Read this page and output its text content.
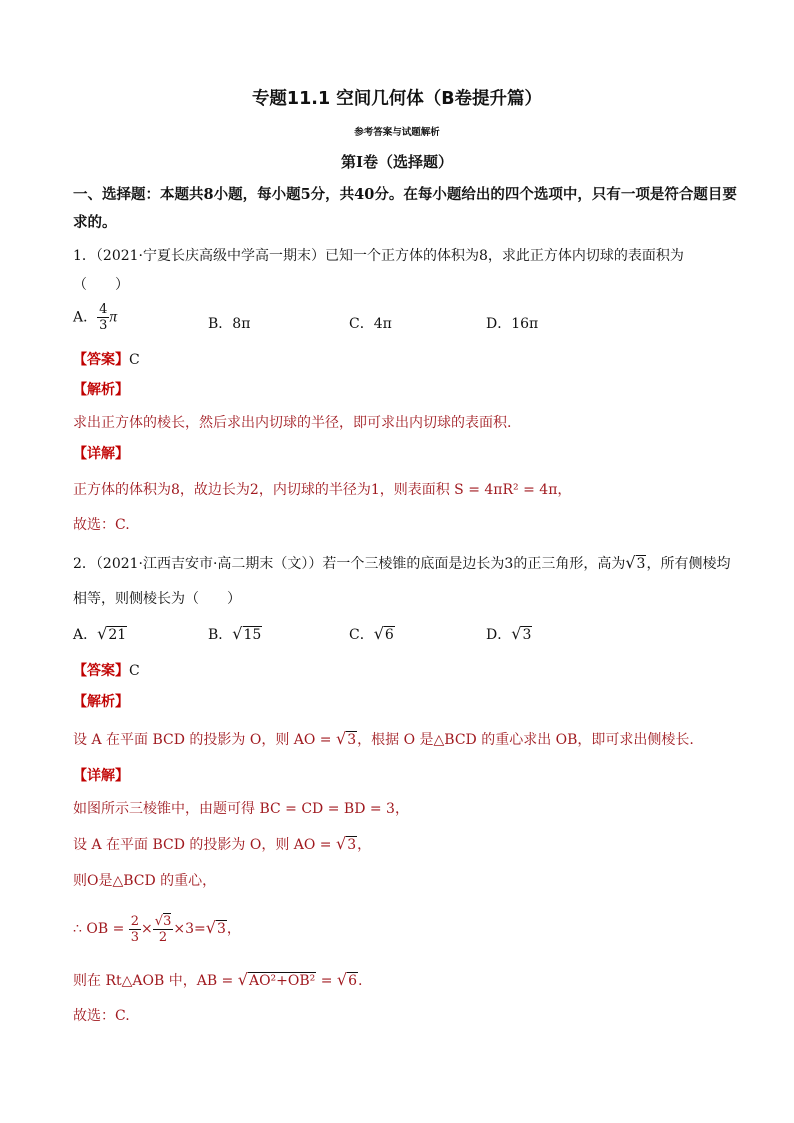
专题11.1 空间几何体（B卷提升篇）
参考答案与试题解析
第Ⅰ卷（选择题）
一、选择题：本题共8小题，每小题5分，共40分。在每小题给出的四个选项中，只有一项是符合题目要
求的。
1．（2021·宁夏长庆高级中学高一期末）已知一个正方体的体积为8，求此正方体内切球的表面积为
（　　）
A． $\frac{4}{3}$ π	B．8π	C．4π	D．16π
【答案】C
【解析】
求出正方体的棱长，然后求出内切球的半径，即可求出内切球的表面积.
【详解】
正方体的体积为8，故边长为2，内切球的半径为1，则表面积 S = 4πR² = 4π，
故选：C.
2．（2021·江西吉安市·高二期末（文））若一个三棱锥的底面是边长为3的正三角形，高为√3，所有侧棱均
相等，则侧棱长为（　　）
A．√21	B．√15	C．√6	D．√3
【答案】C
【解析】
设 A 在平面 BCD 的投影为 O，则 AO = √3，根据 O 是△BCD 的重心求出 OB，即可求出侧棱长.
【详解】
如图所示三棱锥中，由题可得 BC = CD = BD = 3，
设 A 在平面 BCD 的投影为 O，则 AO = √3，
则O是△BCD 的重心，
∴ OB = $\frac{2}{3} \times \frac{√3}{2} \times 3=√3$，
则在 Rt△AOB 中，AB = √AO²+OB² = √6.
故选：C.
